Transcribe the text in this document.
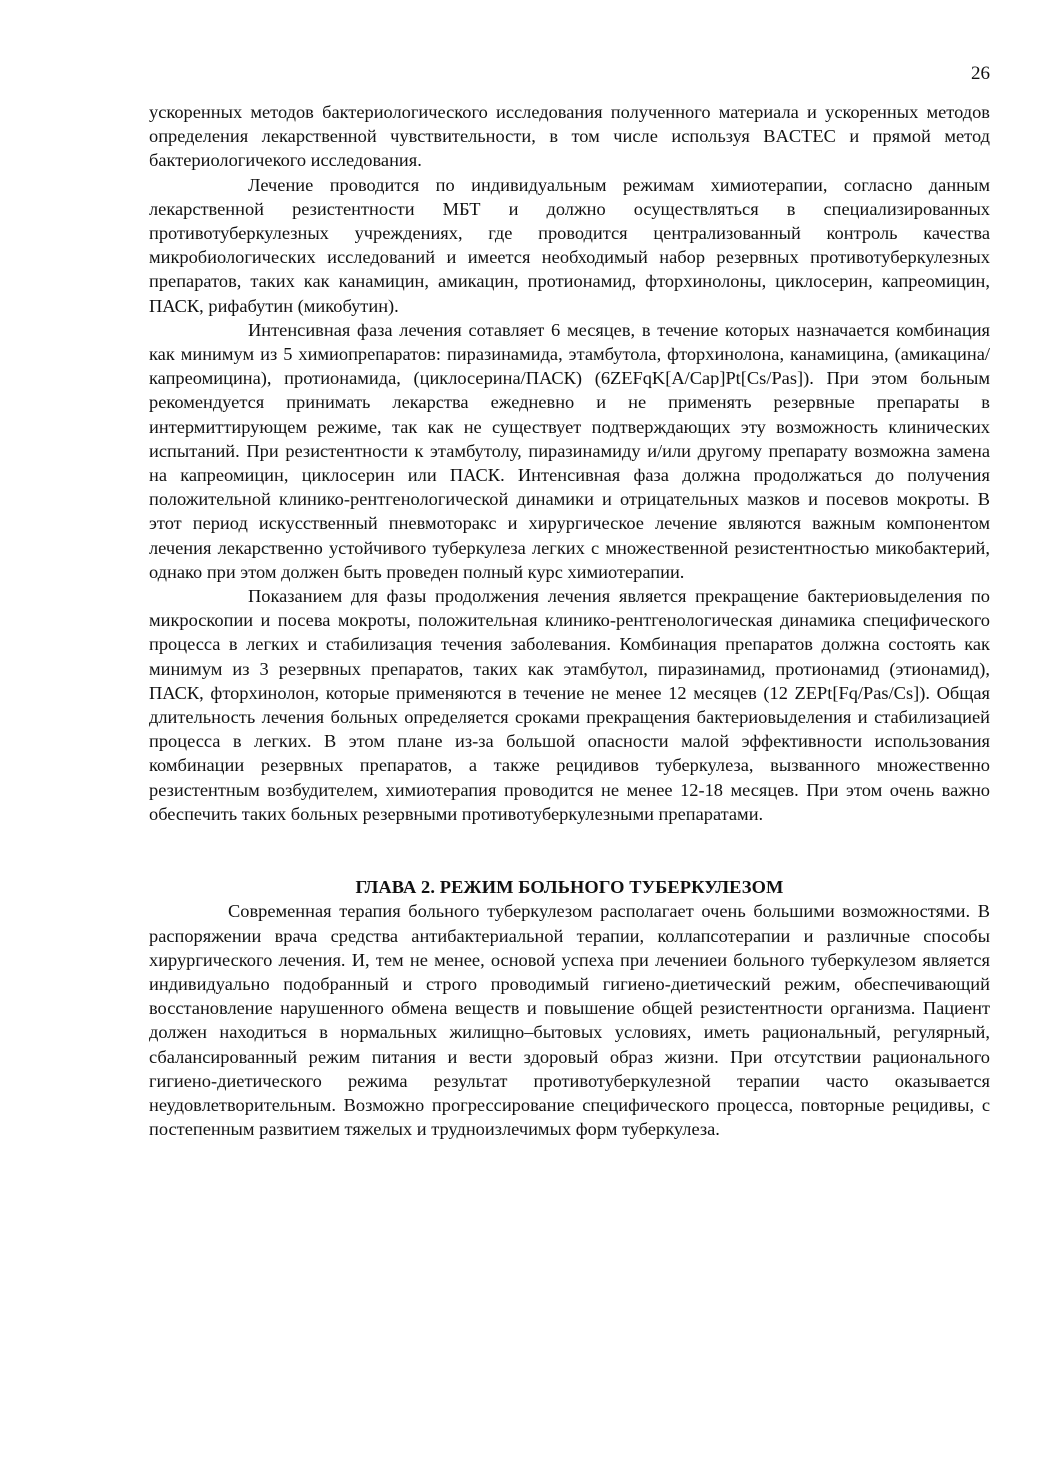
26

ускоренных методов бактериологического исследования полученного материала и ускоренных методов определения лекарственной чувствительности, в том числе используя BACTEC и прямой метод бактериологичекого исследования.

Лечение проводится по индивидуальным режимам химиотерапии, согласно данным лекарственной резистентности МБТ и должно осуществляться в специализированных противотуберкулезных учреждениях, где проводится централизованный контроль качества микробиологических исследований и имеется необходимый набор резервных противотуберкулезных препаратов, таких как канамицин, амикацин, протионамид, фторхинолоны, циклосерин, капреомицин, ПАСК, рифабутин (микобутин).

Интенсивная фаза лечения сотавляет 6 месяцев, в течение которых назначается комбинация как минимум из 5 химиопрепаратов: пиразинамида, этамбутола, фторхинолона, канамицина, (амикацина/капреомицина), протионамида, (циклосерина/ПАСК) (6ZEFqK[A/Cap]Pt[Cs/Pas]). При этом больным рекомендуется принимать лекарства ежедневно и не применять резервные препараты в интермиттирующем режиме, так как не существует подтверждающих эту возможность клинических испытаний. При резистентности к этамбутолу, пиразинамиду и/или другому препарату возможна замена на капреомицин, циклосерин или ПАСК. Интенсивная фаза должна продолжаться до получения положительной клинико-рентгенологической динамики и отрицательных мазков и посевов мокроты. В этот период искусственный пневмоторакс и хирургическое лечение являются важным компонентом лечения лекарственно устойчивого туберкулеза легких с множественной резистентностью микобактерий, однако при этом должен быть проведен полный курс химиотерапии.

Показанием для фазы продолжения лечения является прекращение бактериовыделения по микроскопии и посева мокроты, положительная клинико-рентгенологическая динамика специфического процесса в легких и стабилизация течения заболевания. Комбинация препаратов должна состоять как минимум из 3 резервных препаратов, таких как этамбутол, пиразинамид, протионамид (этионамид), ПАСК, фторхинолон, которые применяются в течение не менее 12 месяцев (12 ZEPt[Fq/Pas/Cs]). Общая длительность лечения больных определяется сроками прекращения бактериовыделения и стабилизацией процесса в легких. В этом плане из-за большой опасности малой эффективности использования комбинации резервных препаратов, а также рецидивов туберкулеза, вызванного множественно резистентным возбудителем, химиотерапия проводится не менее 12-18 месяцев. При этом очень важно обеспечить таких больных резервными противотуберкулезными препаратами.

ГЛАВА 2. РЕЖИМ БОЛЬНОГО ТУБЕРКУЛЕЗОМ

Современная терапия больного туберкулезом располагает очень большими возможностями. В распоряжении врача средства антибактериальной терапии, коллапсотерапии и различные способы хирургического лечения. И, тем не менее, основой успеха при лечениеи больного туберкулезом является индивидуально подобранный и строго проводимый гигиено-диетический режим, обеспечивающий восстановление нарушенного обмена веществ и повышение общей резистентности организма. Пациент должен находиться в нормальных жилищно–бытовых условиях, иметь рациональный, регулярный, сбалансированный режим питания и вести здоровый образ жизни. При отсутствии рационального гигиено-диетического режима результат противотуберкулезной терапии часто оказывается неудовлетворительным. Возможно прогрессирование специфического процесса, повторные рецидивы, с постепенным развитием тяжелых и трудноизлечимых форм туберкулеза.
